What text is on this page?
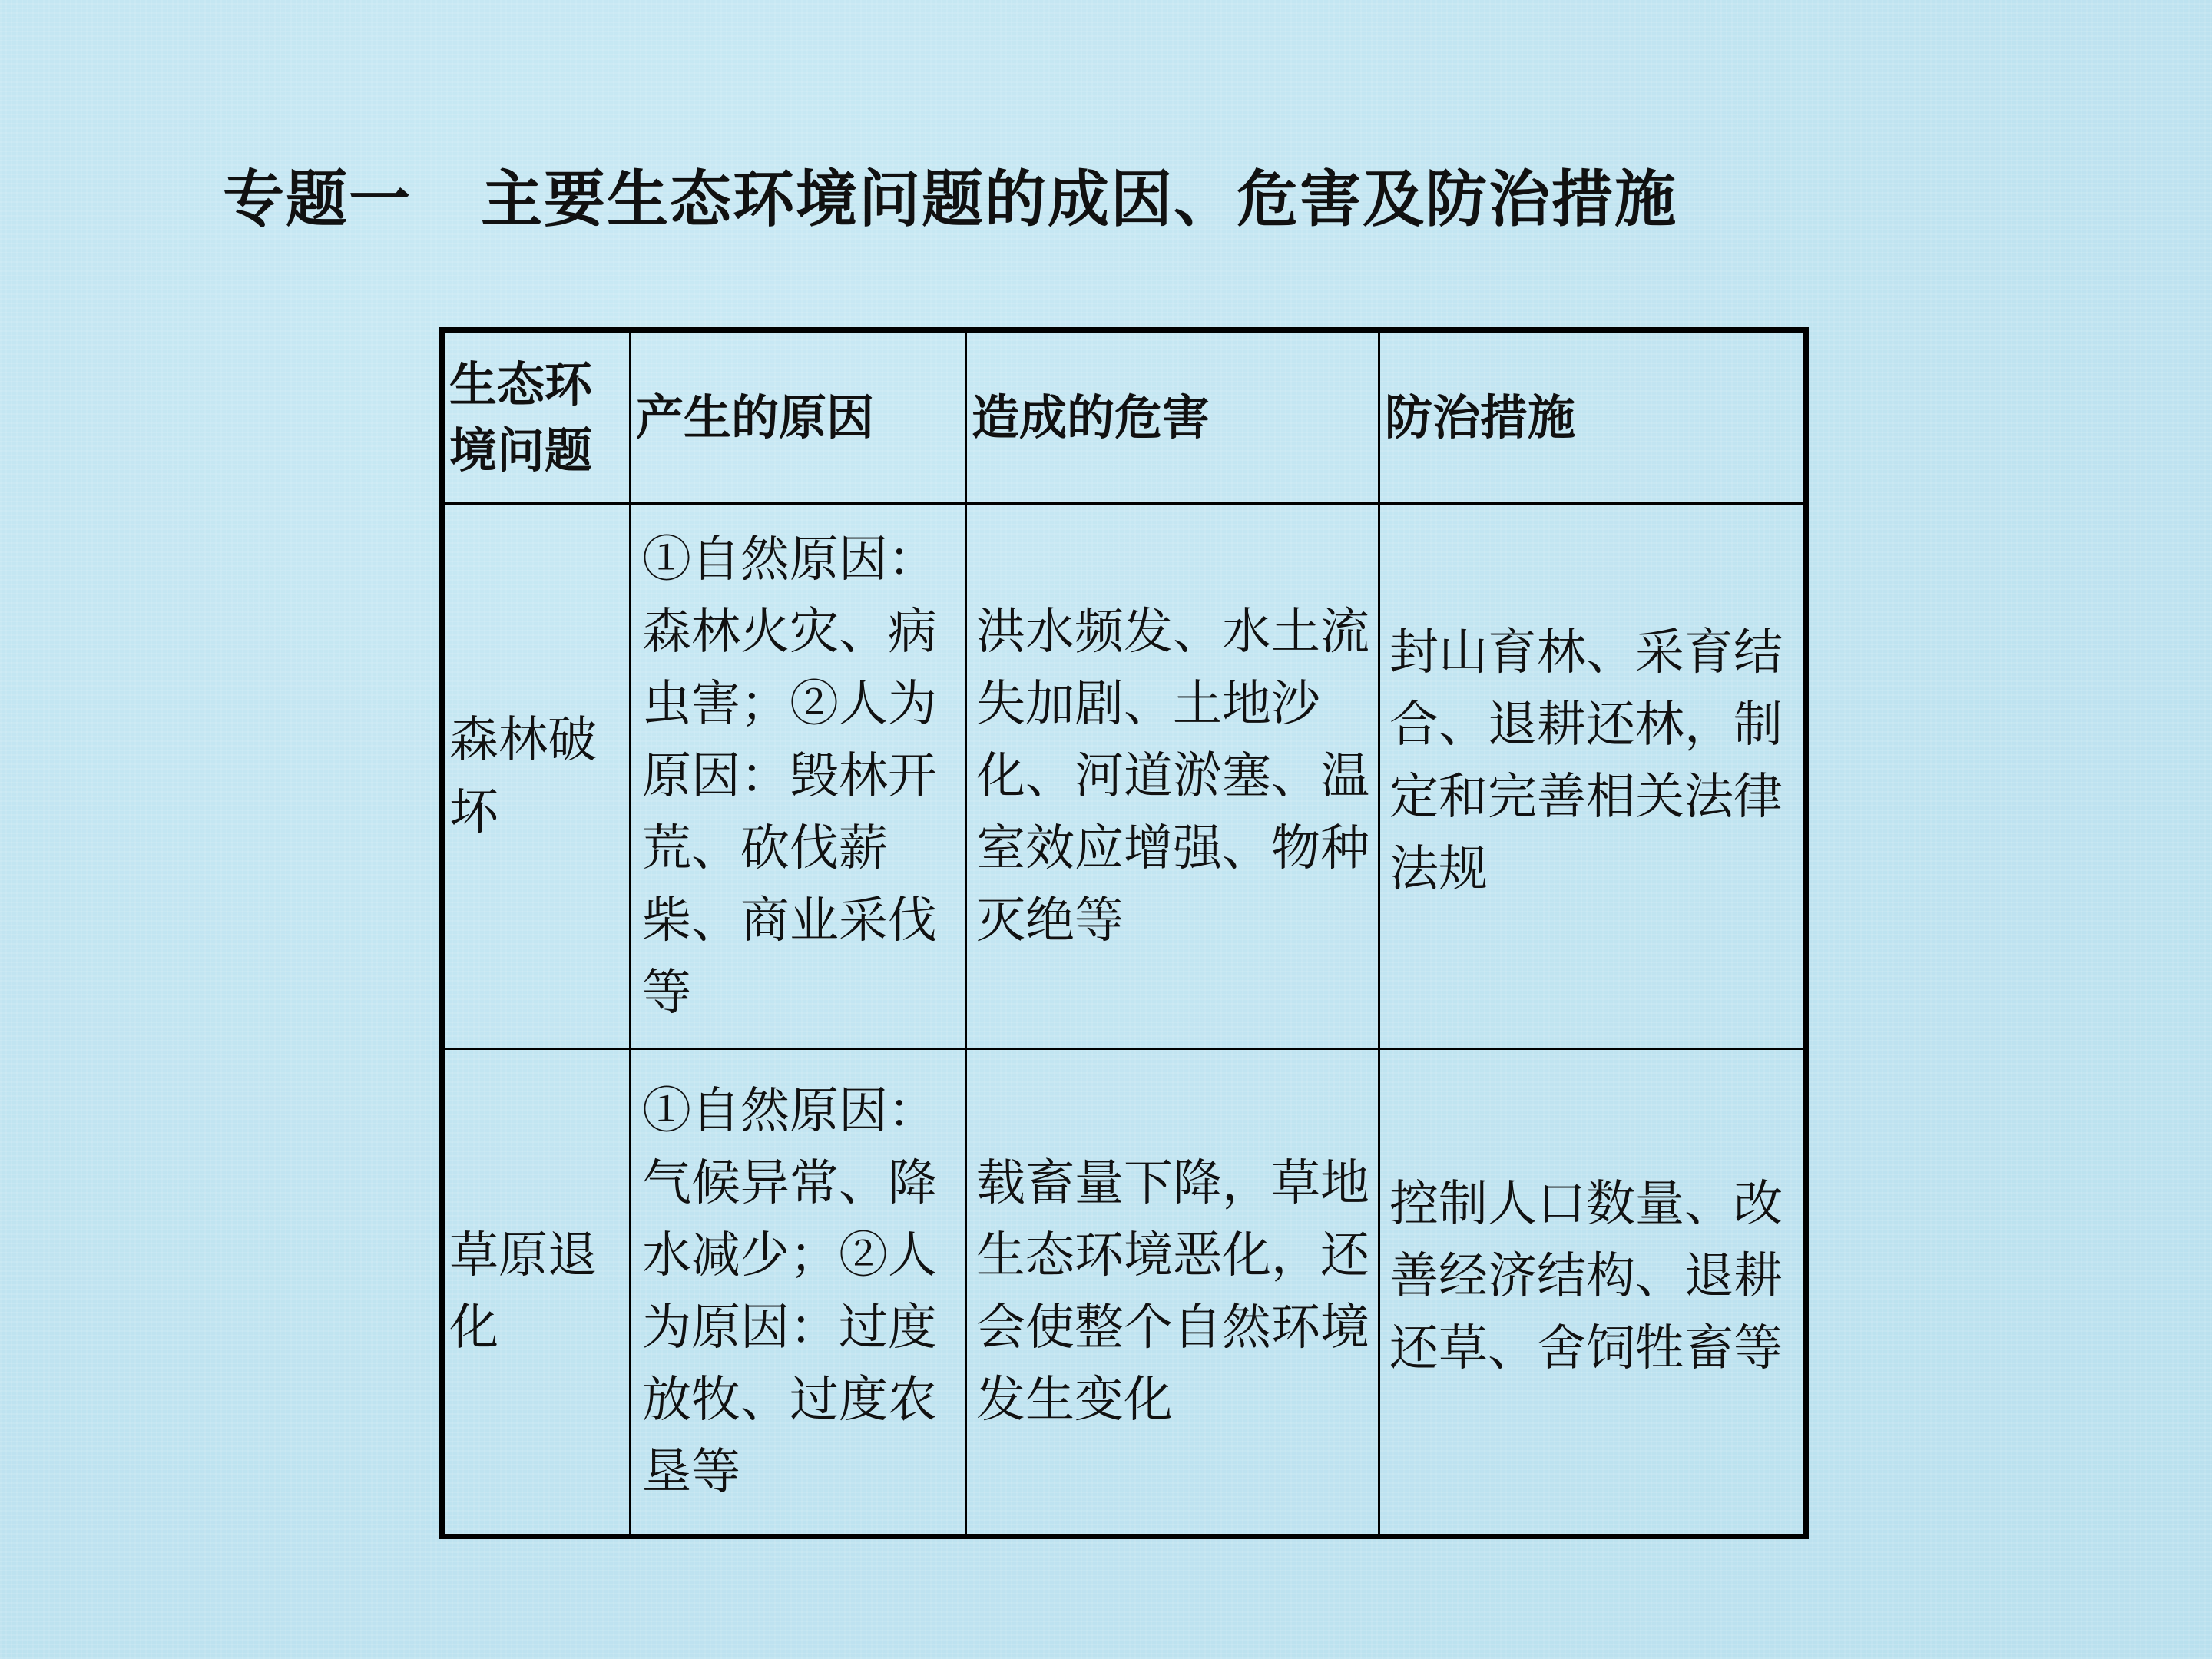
专题一 主要生态环境问题的成因、危害及防治措施
生态环境问题	产生的原因	造成的危害	防治措施

森林破坏	①自然原因：森林火灾、病虫害；②人为原因：毁林开荒、砍伐薪柴、商业采伐等	洪水频发、水土流失加剧、土地沙化、河道淤塞、温室效应增强、物种灭绝等	封山育林、采育结合、退耕还林，制定和完善相关法律法规

草原退化	①自然原因：气候异常、降水减少；②人为原因：过度放牧、过度农垦等	载畜量下降，草地生态环境恶化，还会使整个自然环境发生变化	控制人口数量、改善经济结构、退耕还草、舍饲牲畜等
